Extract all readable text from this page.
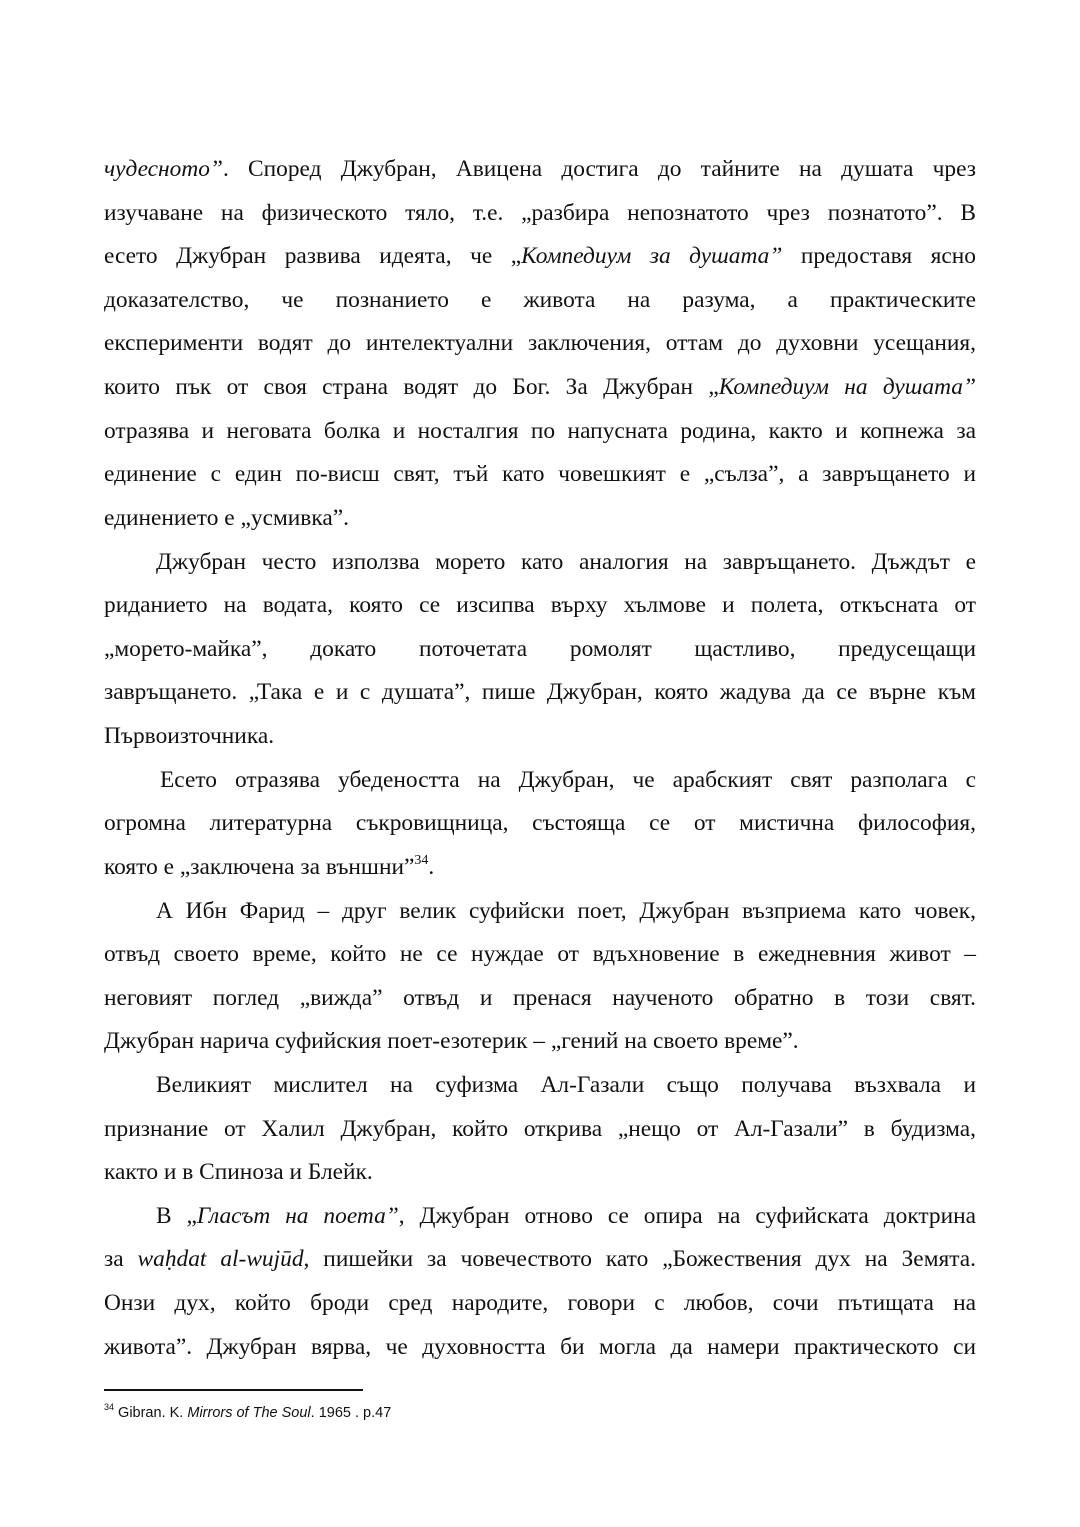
чудесното”. Според Джубран, Авицена достига до тайните на душата чрез
изучаване на физическото тяло, т.е. „разбира непознатото чрез познатото”. В
есето Джубран развива идеята, че „Компедиум за душата” предоставя ясно
доказателство, че познанието е живота на разума, а практическите
експерименти водят до интелектуални заключения, оттам до духовни усещания,
които пък от своя страна водят до Бог. За Джубран „Компедиум на душата”
отразява и неговата болка и носталгия по напусната родина, както и копнежа за
единение с един по-висш свят, тъй като човешкият е „сълза”, а завръщането и
единението е „усмивка”.
Джубран често използва морето като аналогия на завръщането. Дъждът е
риданието на водата, която се изсипва върху хълмове и полета, откъсната от
„морето-майка”, докато поточетата ромолят щастливо, предусещащи
завръщането. „Така е и с душата”, пише Джубран, която жадува да се върне към
Първоизточника.
Есето отразява убедеността на Джубран, че арабският свят разполага с
огромна литературна съкровищница, състояща се от мистична философия,
която е „заключена за външни”$^{34}$.
А Ибн Фарид – друг велик суфийски поет, Джубран възприема като човек,
отвъд своето време, който не се нуждае от вдъхновение в ежедневния живот –
неговият поглед „вижда” отвъд и пренася наученото обратно в този свят.
Джубран нарича суфийския поет-езотерик – „гений на своето време”.
Великият мислител на суфизма Ал-Газали също получава възхвала и
признание от Халил Джубран, който открива „нещо от Ал-Газали” в будизма,
както и в Спиноза и Блейк.
В „Гласът на поета”, Джубран отново се опира на суфийската доктрина
за waḥdat al-wujūd, пишейки за човечеството като „Божествения дух на Земята.
Онзи дух, който броди сред народите, говори с любов, сочи пътищата на
живота”. Джубран вярва, че духовността би могла да намери практическото си
$^{34}$ Gibran. K. Mirrors of The Soul. 1965 . p.47
